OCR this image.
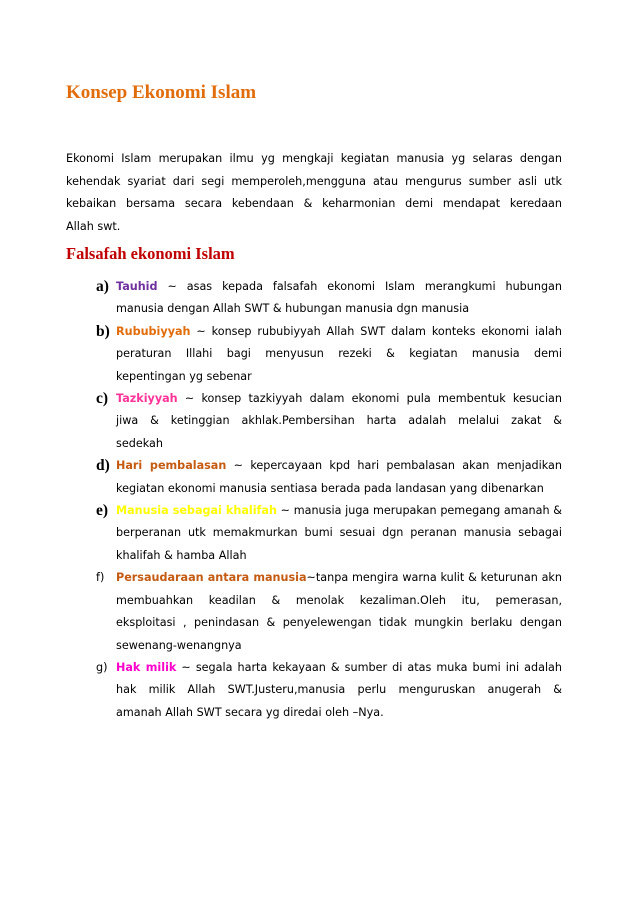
Konsep Ekonomi Islam
Ekonomi Islam merupakan ilmu yg mengkaji kegiatan manusia yg selaras dengan
kehendak syariat dari segi memperoleh,mengguna atau mengurus sumber asli utk
kebaikan bersama secara kebendaan & keharmonian demi mendapat keredaan
Allah swt.
Falsafah ekonomi Islam
a) Tauhid ~ asas kepada falsafah ekonomi Islam merangkumi hubungan
manusia dengan Allah SWT & hubungan manusia dgn manusia
b) Rububiyyah ~ konsep rububiyyah Allah SWT dalam konteks ekonomi ialah
peraturan Illahi bagi menyusun rezeki & kegiatan manusia demi
kepentingan yg sebenar
c) Tazkiyyah ~ konsep tazkiyyah dalam ekonomi pula membentuk kesucian
jiwa & ketinggian akhlak.Pembersihan harta adalah melalui zakat &
sedekah
d) Hari pembalasan ~ kepercayaan kpd hari pembalasan akan menjadikan
kegiatan ekonomi manusia sentiasa berada pada landasan yang dibenarkan
e) Manusia sebagai khalifah ~ manusia juga merupakan pemegang amanah &
berperanan utk memakmurkan bumi sesuai dgn peranan manusia sebagai
khalifah & hamba Allah
f) Persaudaraan antara manusia~tanpa mengira warna kulit & keturunan akn
membuahkan keadilan & menolak kezaliman.Oleh itu, pemerasan,
eksploitasi , penindasan & penyelewengan tidak mungkin berlaku dengan
sewenang-wenangnya
g) Hak milik ~ segala harta kekayaan & sumber di atas muka bumi ini adalah
hak milik Allah SWT.Justeru,manusia perlu menguruskan anugerah &
amanah Allah SWT secara yg diredai oleh –Nya.
